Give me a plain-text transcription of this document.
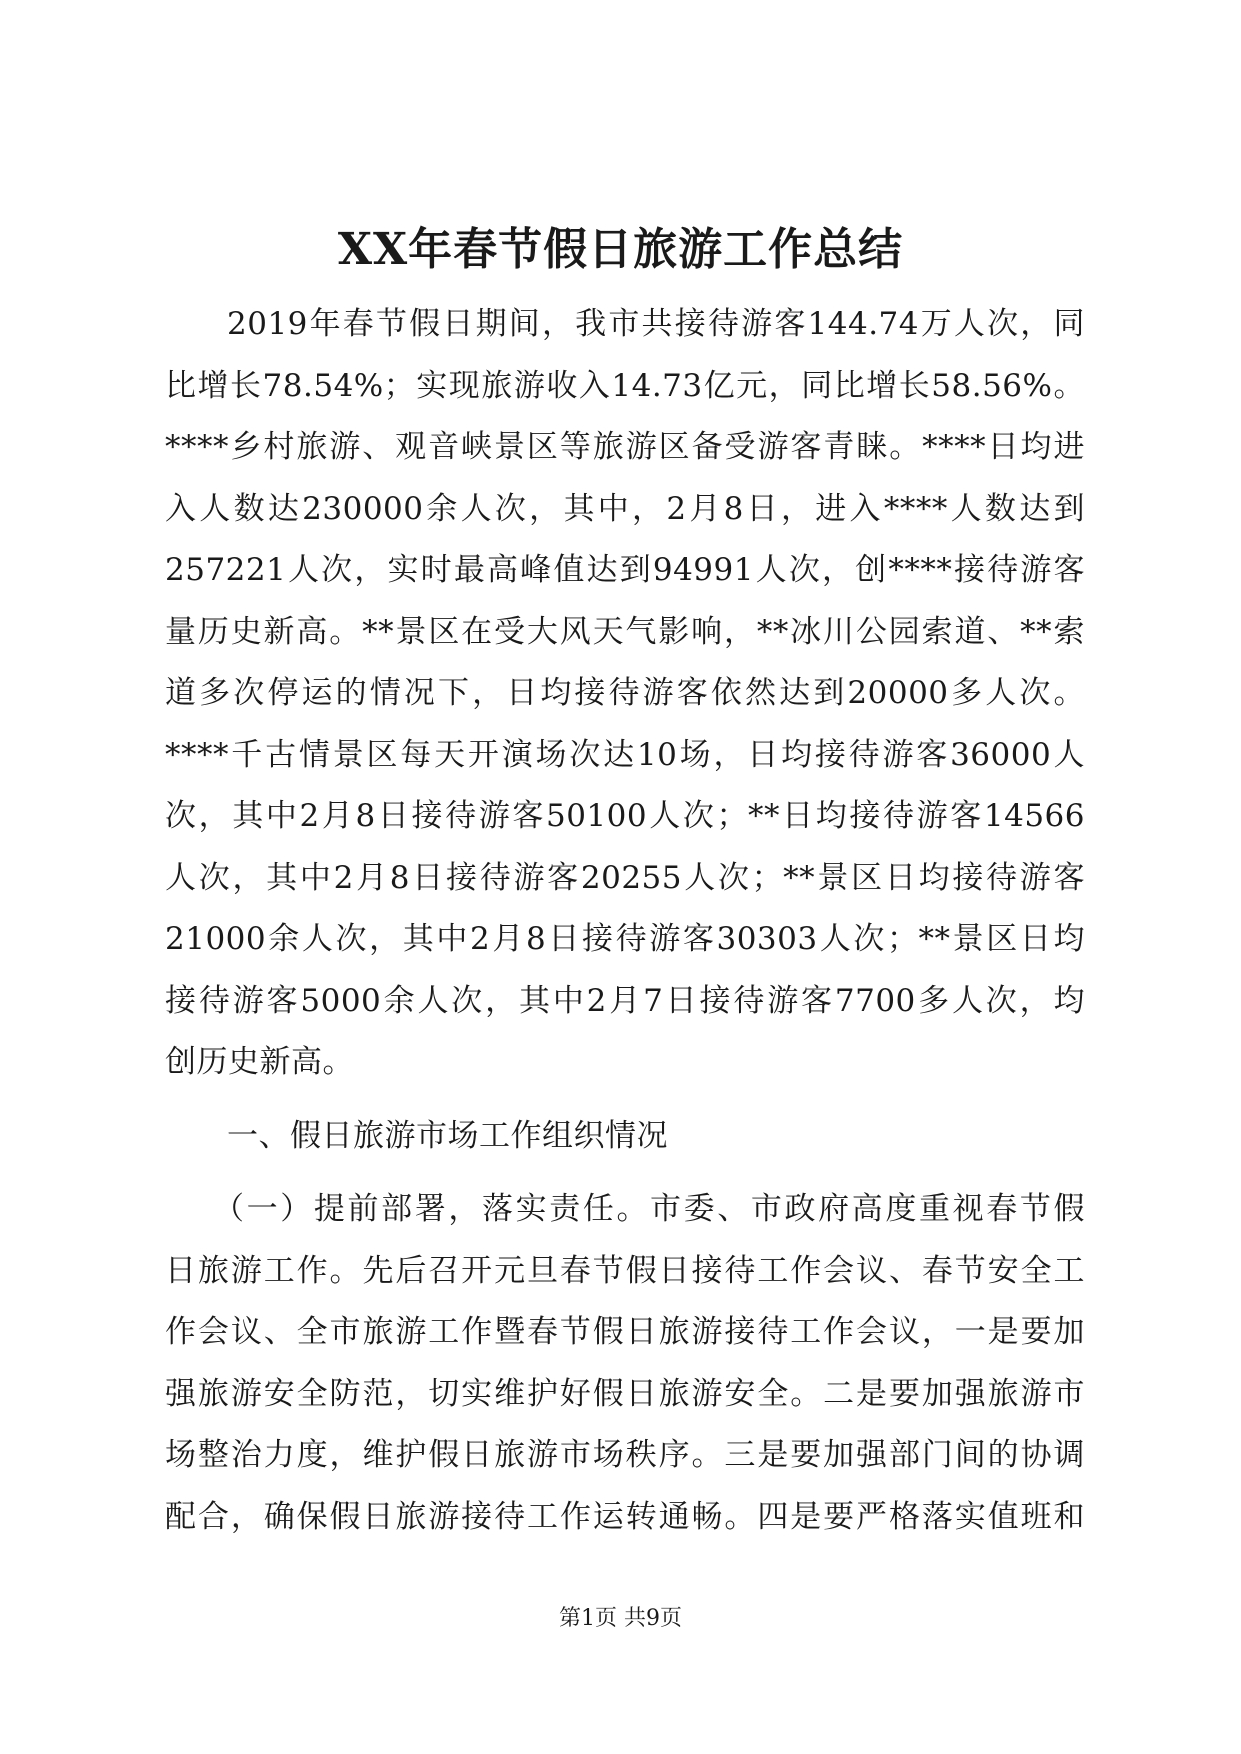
XX年春节假日旅游工作总结
2019年春节假日期间，我市共接待游客144.74万人次，同
比增长78.54%；实现旅游收入14.73亿元，同比增长58.56%。
****乡村旅游、观音峡景区等旅游区备受游客青睐。****日均进
入人数达230000余人次，其中，2月8日，进入****人数达到
257221人次，实时最高峰值达到94991人次，创****接待游客
量历史新高。**景区在受大风天气影响，**冰川公园索道、**索
道多次停运的情况下，日均接待游客依然达到20000多人次。
****千古情景区每天开演场次达10场，日均接待游客36000人
次，其中2月8日接待游客50100人次；**日均接待游客14566
人次，其中2月8日接待游客20255人次；**景区日均接待游客
21000余人次，其中2月8日接待游客30303人次；**景区日均
接待游客5000余人次，其中2月7日接待游客7700多人次，均
创历史新高。
一、假日旅游市场工作组织情况
（一）提前部署，落实责任。市委、市政府高度重视春节假
日旅游工作。先后召开元旦春节假日接待工作会议、春节安全工
作会议、全市旅游工作暨春节假日旅游接待工作会议，一是要加
强旅游安全防范，切实维护好假日旅游安全。二是要加强旅游市
场整治力度，维护假日旅游市场秩序。三是要加强部门间的协调
配合，确保假日旅游接待工作运转通畅。四是要严格落实值班和
第1页 共9页
